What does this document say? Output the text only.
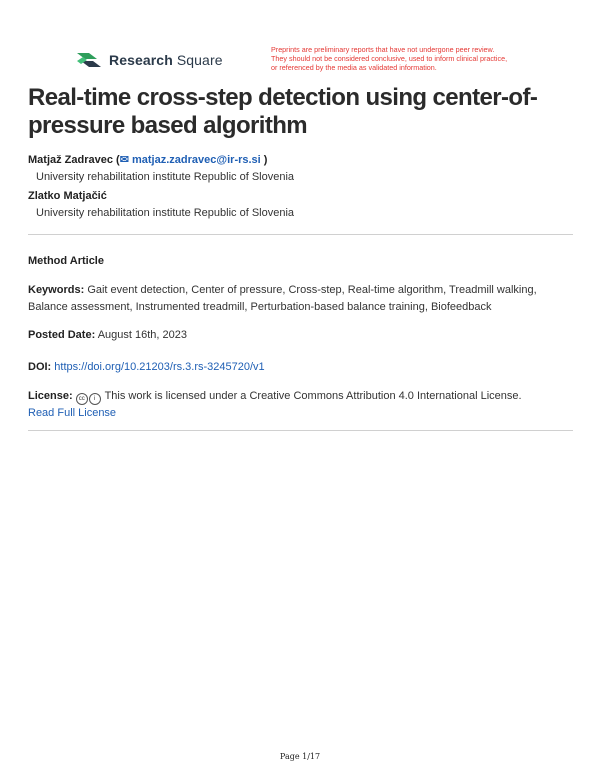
Research Square
Preprints are preliminary reports that have not undergone peer review.
They should not be considered conclusive, used to inform clinical practice,
or referenced by the media as validated information.
Real-time cross-step detection using center-of-pressure based algorithm
Matjaž Zadravec (✉ matjaz.zadravec@ir-rs.si )
University rehabilitation institute Republic of Slovenia
Zlatko Matjačić
University rehabilitation institute Republic of Slovenia
Method Article
Keywords: Gait event detection, Center of pressure, Cross-step, Real-time algorithm, Treadmill walking,
Balance assessment, Instrumented treadmill, Perturbation-based balance training, Biofeedback
Posted Date: August 16th, 2023
DOI: https://doi.org/10.21203/rs.3.rs-3245720/v1
License: cc i This work is licensed under a Creative Commons Attribution 4.0 International License.
Read Full License
Page 1/17
